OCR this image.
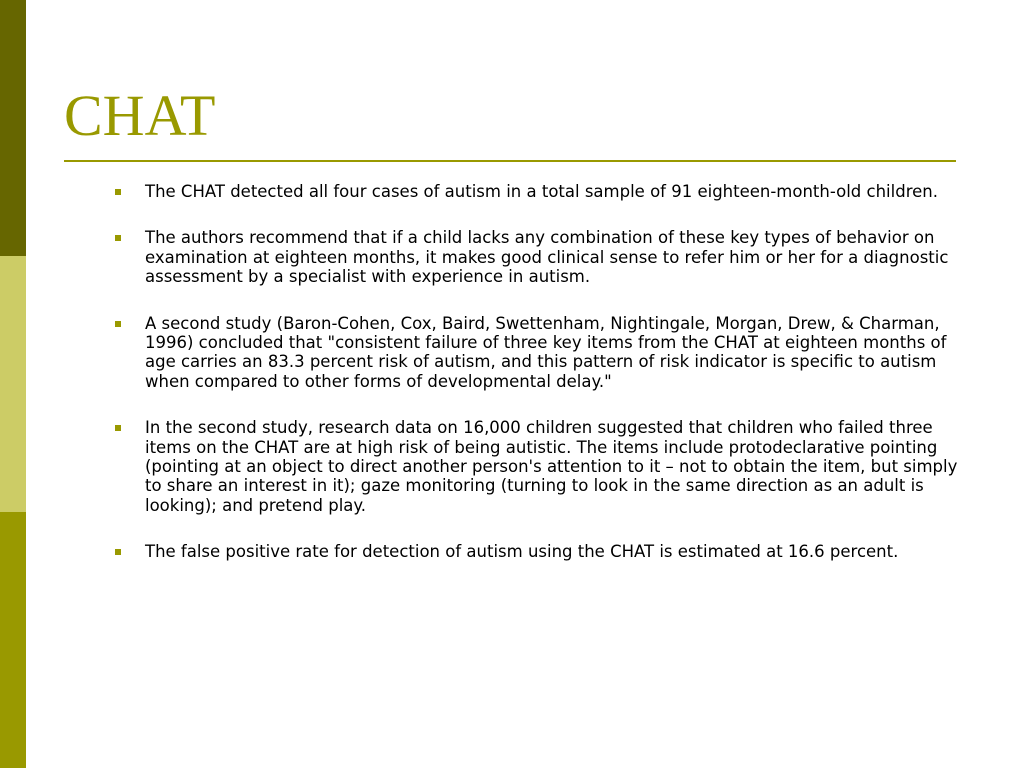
CHAT
The CHAT detected all four cases of autism in a total sample of 91 eighteen-month-old children.
The authors recommend that if a child lacks any combination of these key types of behavior on examination at eighteen months, it makes good clinical sense to refer him or her for a diagnostic assessment by a specialist with experience in autism.
A second study (Baron-Cohen, Cox, Baird, Swettenham, Nightingale, Morgan, Drew, & Charman, 1996) concluded that "consistent failure of three key items from the CHAT at eighteen months of age carries an 83.3 percent risk of autism, and this pattern of risk indicator is specific to autism when compared to other forms of developmental delay."
In the second study, research data on 16,000 children suggested that children who failed three items on the CHAT are at high risk of being autistic. The items include protodeclarative pointing (pointing at an object to direct another person's attention to it – not to obtain the item, but simply to share an interest in it); gaze monitoring (turning to look in the same direction as an adult is looking); and pretend play.
The false positive rate for detection of autism using the CHAT is estimated at 16.6 percent.
